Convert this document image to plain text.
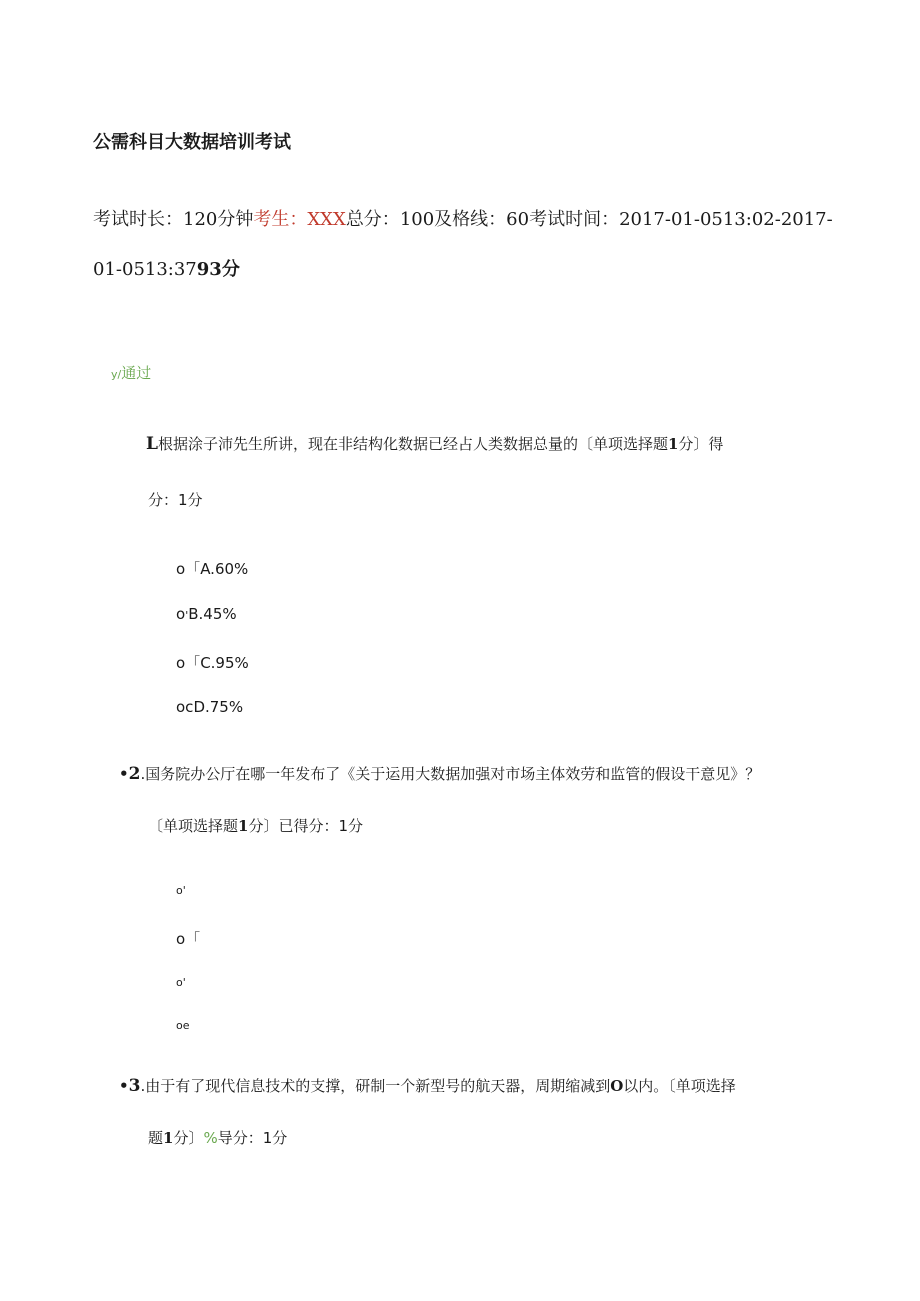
公需科目大数据培训考试
考试时长：120分钟考生：XXX总分：100及格线：60考试时间：2017-01-0513:02-2017-
01-0513:3793分
y/通过
L根据涂子沛先生所讲，现在非结构化数据已经占人类数据总量的〔单项选择题1分〕得
分：1分
o「A.60%
o'B.45%
o「C.95%
ocD.75%
•2.国务院办公厅在哪一年发布了《关于运用大数据加强对市场主体效劳和监管的假设干意见》？
〔单项选择题1分〕已得分：1分
o'
o「
o'
oe
•3.由于有了现代信息技术的支撑，研制一个新型号的航天器，周期缩减到O以内。〔单项选择
题1分〕%导分：1分
